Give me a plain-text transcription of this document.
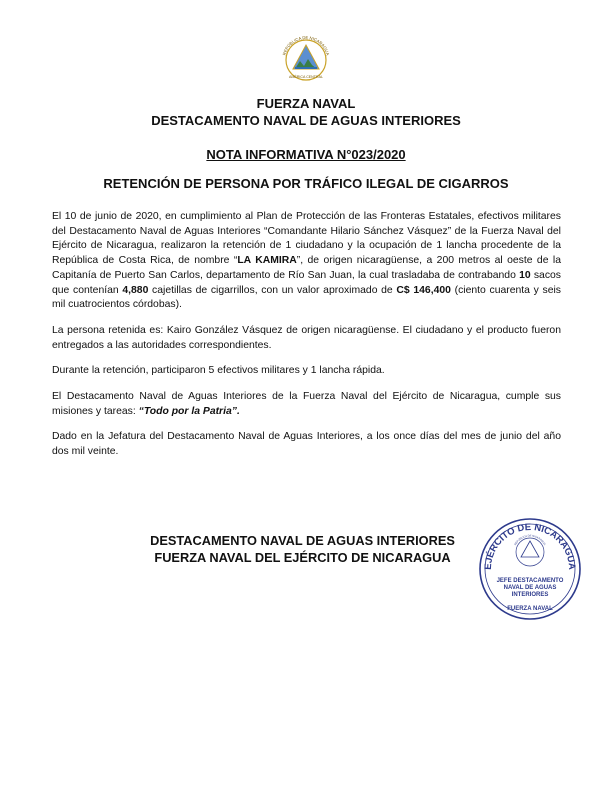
REPÚBLICA DE NICARAGUA
AMÉRICA CENTRAL
FUERZA NAVAL
DESTACAMENTO NAVAL DE AGUAS INTERIORES
NOTA INFORMATIVA N°023/2020
RETENCIÓN DE PERSONA POR TRÁFICO ILEGAL DE CIGARROS

El 10 de junio de 2020, en cumplimiento al Plan de Protección de las Fronteras Estatales, efectivos militares del Destacamento Naval de Aguas Interiores “Comandante Hilario Sánchez Vásquez” de la Fuerza Naval del Ejército de Nicaragua, realizaron la retención de 1 ciudadano y la ocupación de 1 lancha procedente de la República de Costa Rica, de nombre “LA KAMIRA”, de origen nicaragüense, a 200 metros al oeste de la Capitanía de Puerto San Carlos, departamento de Río San Juan, la cual trasladaba de contrabando 10 sacos que contenían 4,880 cajetillas de cigarrillos, con un valor aproximado de C$ 146,400 (ciento cuarenta y seis mil cuatrocientos córdobas).

La persona retenida es: Kairo González Vásquez de origen nicaragüense. El ciudadano y el producto fueron entregados a las autoridades correspondientes.

Durante la retención, participaron 5 efectivos militares y 1 lancha rápida.

El Destacamento Naval de Aguas Interiores de la Fuerza Naval del Ejército de Nicaragua, cumple sus misiones y tareas: “Todo por la Patria”.

Dado en la Jefatura del Destacamento Naval de Aguas Interiores, a los once días del mes de junio del año dos mil veinte.

DESTACAMENTO NAVAL DE AGUAS INTERIORES
FUERZA NAVAL DEL EJÉRCITO DE NICARAGUA
EJÉRCITO DE NICARAGUA
REPÚBLICA DE NICARAGUA
JEFE DESTACAMENTO
NAVAL DE AGUAS
INTERIORES
FUERZA NAVAL
